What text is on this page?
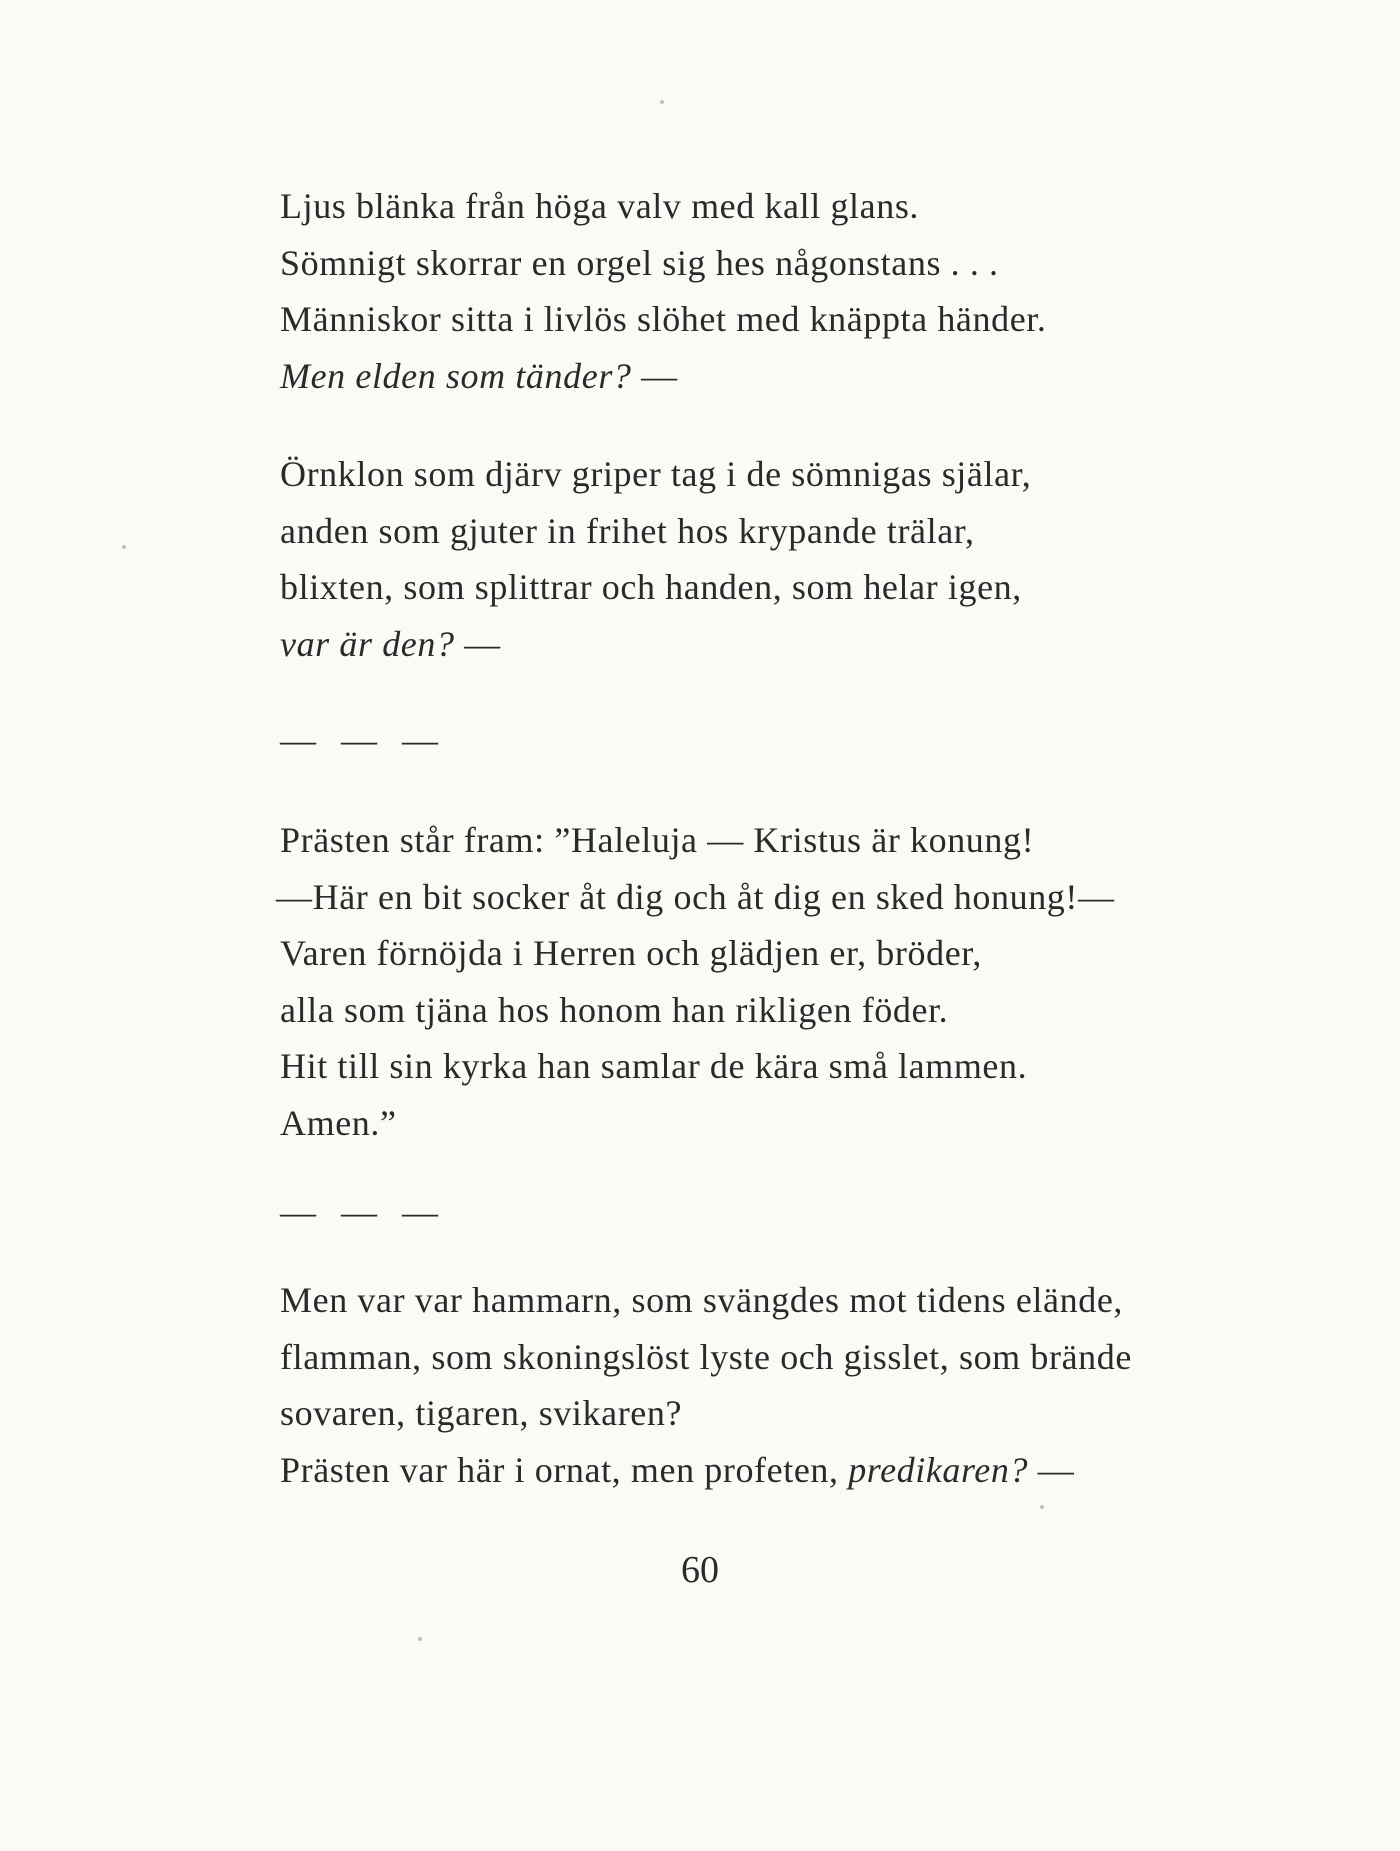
Ljus blänka från höga valv med kall glans.
Sömnigt skorrar en orgel sig hes någonstans . . .
Människor sitta i livlös slöhet med knäppta händer.
Men elden som tänder? —
Örnklon som djärv griper tag i de sömnigas själar,
anden som gjuter in frihet hos krypande trälar,
blixten, som splittrar och handen, som helar igen,
var är den? —
— — —
Prästen står fram: ”Haleluja — Kristus är konung!
—Här en bit socker åt dig och åt dig en sked honung!—
Varen förnöjda i Herren och glädjen er, bröder,
alla som tjäna hos honom han rikligen föder.
Hit till sin kyrka han samlar de kära små lammen.
Amen.”
— — —
Men var var hammarn, som svängdes mot tidens elände,
flamman, som skoningslöst lyste och gisslet, som brände
sovaren, tigaren, svikaren?
Prästen var här i ornat, men profeten, predikaren? —
60
